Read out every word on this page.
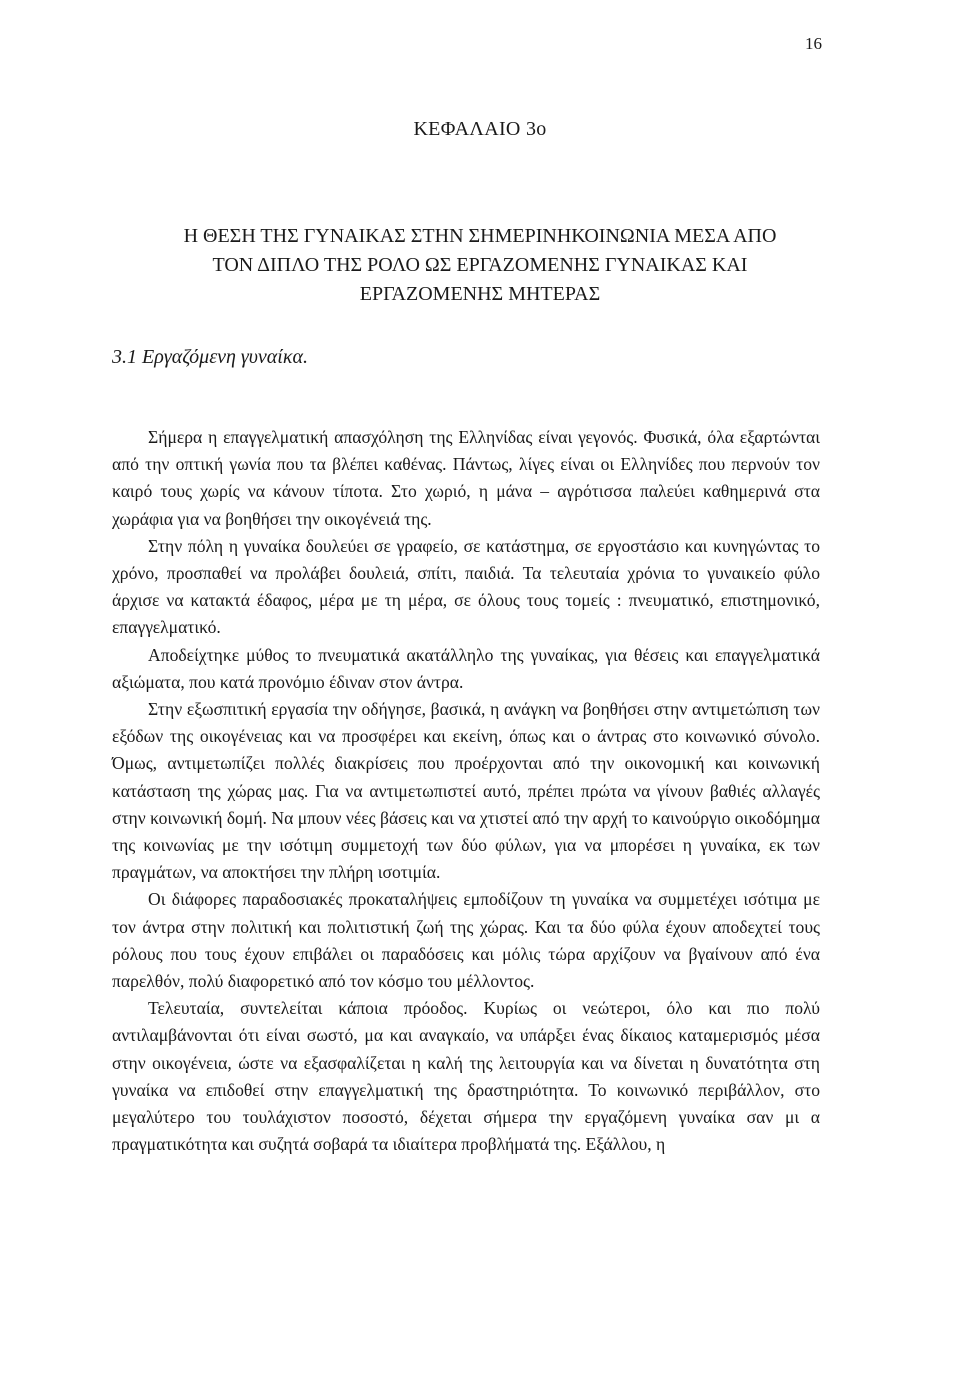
16
ΚΕΦΑΛΑΙΟ 3ο
Η ΘΕΣΗ ΤΗΣ ΓΥΝΑΙΚΑΣ ΣΤΗΝ ΣΗΜΕΡΙΝΗΚΟΙΝΩΝΙΑ ΜΕΣΑ ΑΠΟ
ΤΟΝ ΔΙΠΛΟ ΤΗΣ ΡΟΛΟ ΩΣ ΕΡΓΑΖΟΜΕΝΗΣ ΓΥΝΑΙΚΑΣ ΚΑΙ
ΕΡΓΑΖΟΜΕΝΗΣ ΜΗΤΕΡΑΣ
3.1 Εργαζόμενη γυναίκα.

Σήμερα η επαγγελματική απασχόληση της Ελληνίδας είναι γεγονός. Φυσικά, όλα εξαρτώνται από την οπτική γωνία που τα βλέπει καθένας. Πάντως, λίγες είναι οι Ελληνίδες που περνούν τον καιρό τους χωρίς να κάνουν τίποτα. Στο χωριό, η μάνα – αγρότισσα παλεύει καθημερινά στα χωράφια για να βοηθήσει την οικογένειά της.

Στην πόλη η γυναίκα δουλεύει σε γραφείο, σε κατάστημα, σε εργοστάσιο και κυνηγώντας το χρόνο, προσπαθεί να προλάβει δουλειά, σπίτι, παιδιά. Τα τελευταία χρόνια το γυναικείο φύλο άρχισε να κατακτά έδαφος, μέρα με τη μέρα, σε όλους τους τομείς : πνευματικό, επιστημονικό, επαγγελματικό.

Αποδείχτηκε μύθος το πνευματικά ακατάλληλο της γυναίκας, για θέσεις και επαγγελματικά αξιώματα, που κατά προνόμιο έδιναν στον άντρα.

Στην εξωσπιτική εργασία την οδήγησε, βασικά, η ανάγκη να βοηθήσει στην αντιμετώπιση των εξόδων της οικογένειας και να προσφέρει και εκείνη, όπως και ο άντρας στο κοινωνικό σύνολο. Όμως, αντιμετωπίζει πολλές διακρίσεις που προέρχονται από την οικονομική και κοινωνική κατάσταση της χώρας μας. Για να αντιμετωπιστεί αυτό, πρέπει πρώτα να γίνουν βαθιές αλλαγές στην κοινωνική δομή. Να μπουν νέες βάσεις και να χτιστεί από την αρχή το καινούργιο οικοδόμημα της κοινωνίας με την ισότιμη συμμετοχή των δύο φύλων, για να μπορέσει η γυναίκα, εκ των πραγμάτων, να αποκτήσει την πλήρη ισοτιμία.

Οι διάφορες παραδοσιακές προκαταλήψεις εμποδίζουν τη γυναίκα να συμμετέχει ισότιμα με τον άντρα στην πολιτική και πολιτιστική ζωή της χώρας. Και τα δύο φύλα έχουν αποδεχτεί τους ρόλους που τους έχουν επιβάλει οι παραδόσεις και μόλις τώρα αρχίζουν να βγαίνουν από ένα παρελθόν, πολύ διαφορετικό από τον κόσμο του μέλλοντος.

Τελευταία, συντελείται κάποια πρόοδος. Κυρίως οι νεώτεροι, όλο και πιο πολύ αντιλαμβάνονται ότι είναι σωστό, μα και αναγκαίο, να υπάρξει ένας δίκαιος καταμερισμός μέσα στην οικογένεια, ώστε να εξασφαλίζεται η καλή της λειτουργία και να δίνεται η δυνατότητα στη γυναίκα να επιδοθεί στην επαγγελματική της δραστηριότητα. Το κοινωνικό περιβάλλον, στο μεγαλύτερο του τουλάχιστον ποσοστό, δέχεται σήμερα την εργαζόμενη γυναίκα σαν μι α πραγματικότητα και συζητά σοβαρά τα ιδιαίτερα προβλήματά της. Εξάλλου, η
